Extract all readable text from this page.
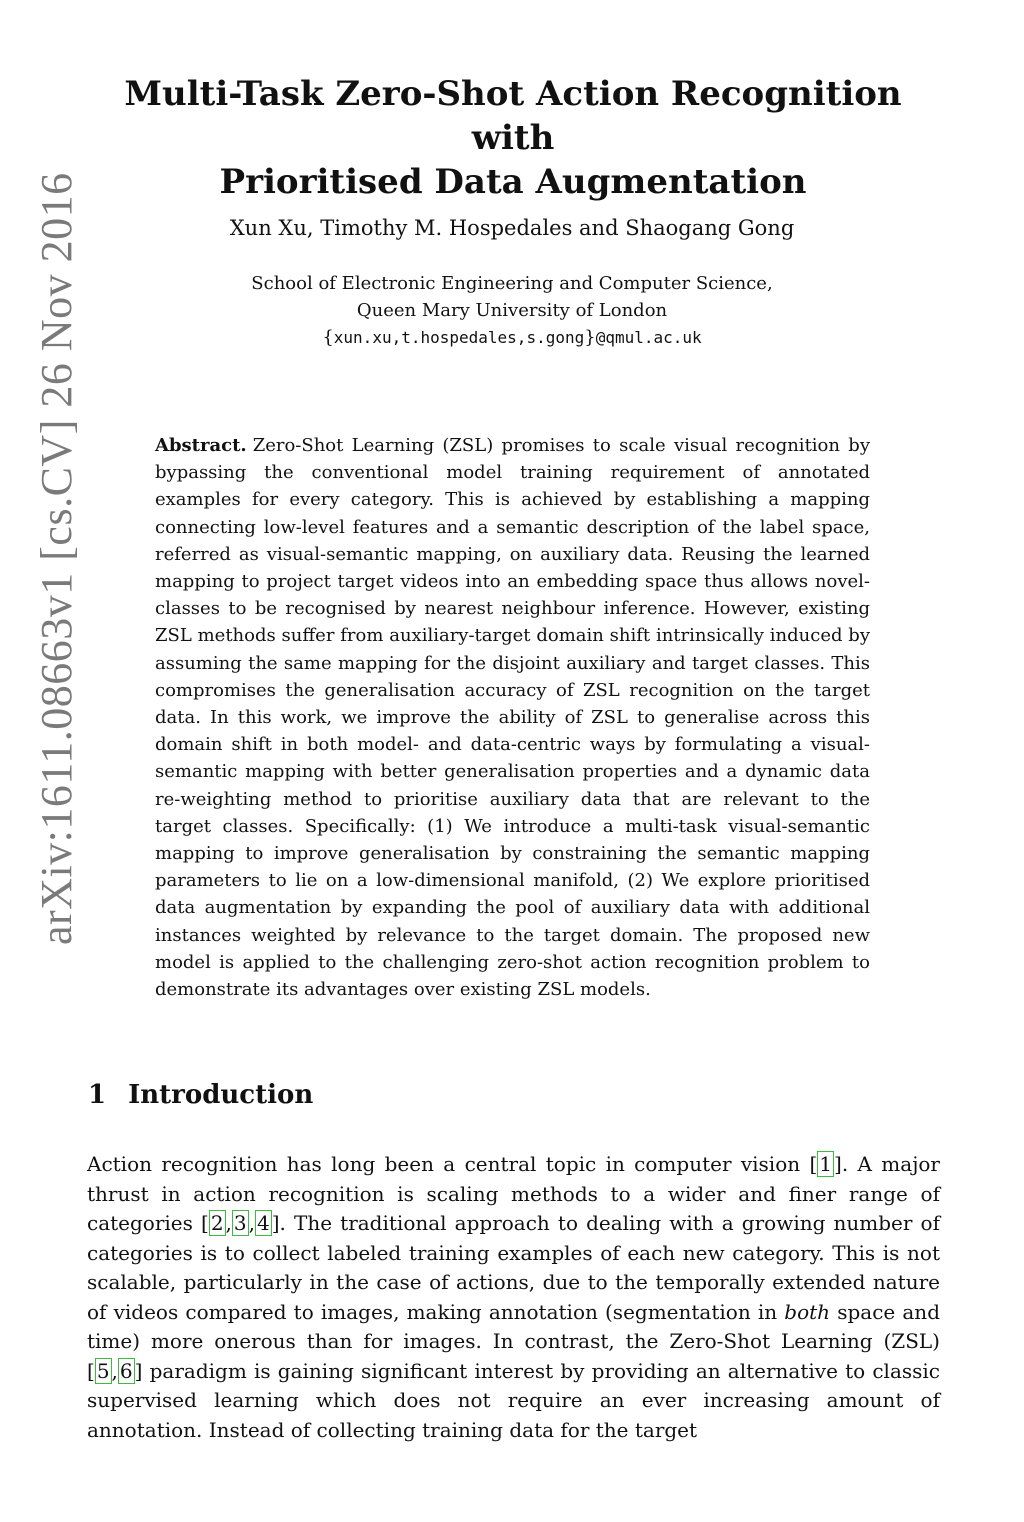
arXiv:1611.08663v1 [cs.CV] 26 Nov 2016
Multi-Task Zero-Shot Action Recognition with
Prioritised Data Augmentation
Xun Xu, Timothy M. Hospedales and Shaogang Gong
School of Electronic Engineering and Computer Science,
Queen Mary University of London
{xun.xu,t.hospedales,s.gong}@qmul.ac.uk
Abstract. Zero-Shot Learning (ZSL) promises to scale visual recognition by bypassing the conventional model training requirement of annotated examples for every category. This is achieved by establishing a mapping connecting low-level features and a semantic description of the label space, referred as visual-semantic mapping, on auxiliary data. Reusing the learned mapping to project target videos into an embedding space thus allows novel-classes to be recognised by nearest neighbour inference. However, existing ZSL methods suffer from auxiliary-target domain shift intrinsically induced by assuming the same mapping for the disjoint auxiliary and target classes. This compromises the generalisation accuracy of ZSL recognition on the target data. In this work, we improve the ability of ZSL to generalise across this domain shift in both model- and data-centric ways by formulating a visual-semantic mapping with better generalisation properties and a dynamic data re-weighting method to prioritise auxiliary data that are relevant to the target classes. Specifically: (1) We introduce a multi-task visual-semantic mapping to improve generalisation by constraining the semantic mapping parameters to lie on a low-dimensional manifold, (2) We explore prioritised data augmentation by expanding the pool of auxiliary data with additional instances weighted by relevance to the target domain. The proposed new model is applied to the challenging zero-shot action recognition problem to demonstrate its advantages over existing ZSL models.
1 Introduction
Action recognition has long been a central topic in computer vision [ 1 ]. A major thrust in action recognition is scaling methods to a wider and finer range of categories [ 2 , 3 , 4 ]. The traditional approach to dealing with a growing number of categories is to collect labeled training examples of each new category. This is not scalable, particularly in the case of actions, due to the temporally extended nature of videos compared to images, making annotation (segmentation in both space and time) more onerous than for images. In contrast, the Zero-Shot Learning (ZSL) [ 5 , 6 ] paradigm is gaining significant interest by providing an alternative to classic supervised learning which does not require an ever increasing amount of annotation. Instead of collecting training data for the target
